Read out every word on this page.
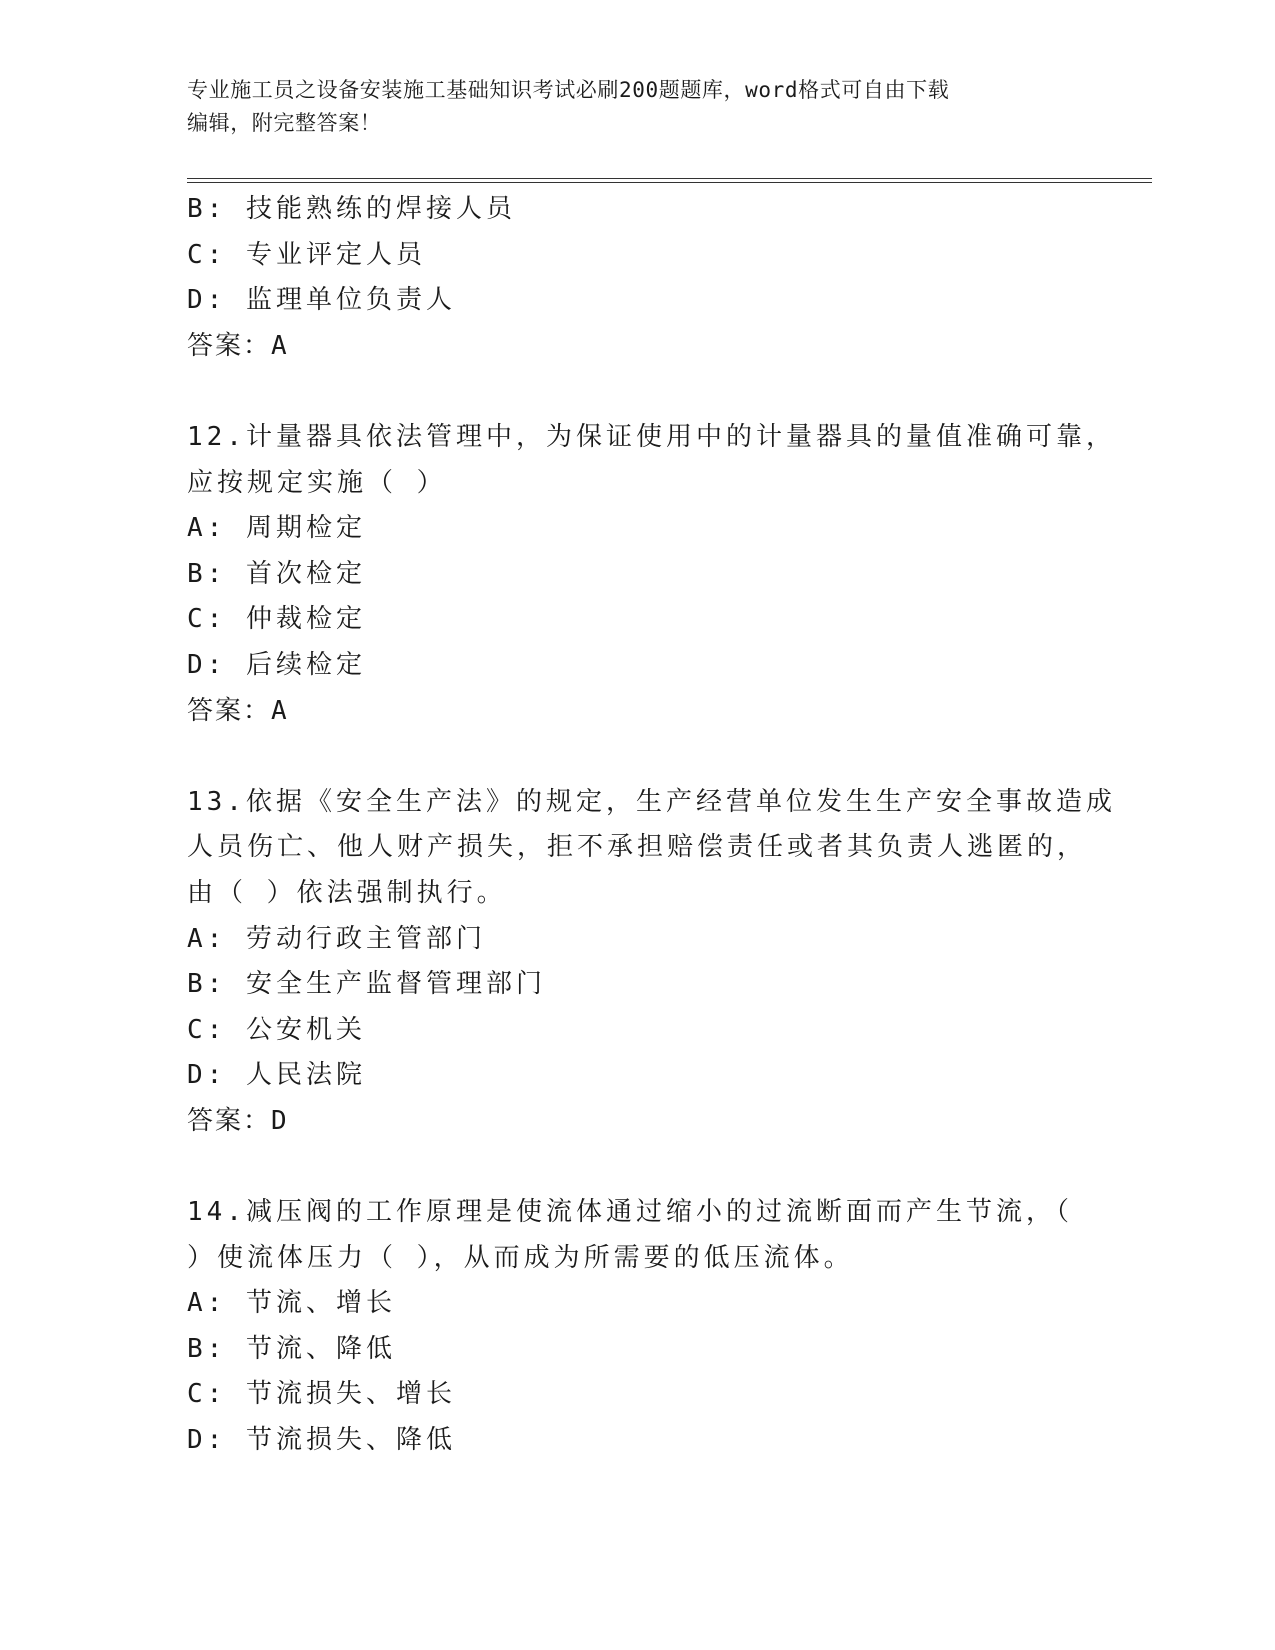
专业施工员之设备安装施工基础知识考试必刷200题题库，word格式可自由下载
编辑，附完整答案！
B: 技能熟练的焊接人员
C: 专业评定人员
D: 监理单位负责人
答案：A
12.计量器具依法管理中，为保证使用中的计量器具的量值准确可靠，
应按规定实施（ ）
A: 周期检定
B: 首次检定
C: 仲裁检定
D: 后续检定
答案：A
13.依据《安全生产法》的规定，生产经营单位发生生产安全事故造成
人员伤亡、他人财产损失，拒不承担赔偿责任或者其负责人逃匿的，
由（ ）依法强制执行。
A: 劳动行政主管部门
B: 安全生产监督管理部门
C: 公安机关
D: 人民法院
答案：D
14.减压阀的工作原理是使流体通过缩小的过流断面而产生节流，（
）使流体压力（ ），从而成为所需要的低压流体。
A: 节流、增长
B: 节流、降低
C: 节流损失、增长
D: 节流损失、降低
